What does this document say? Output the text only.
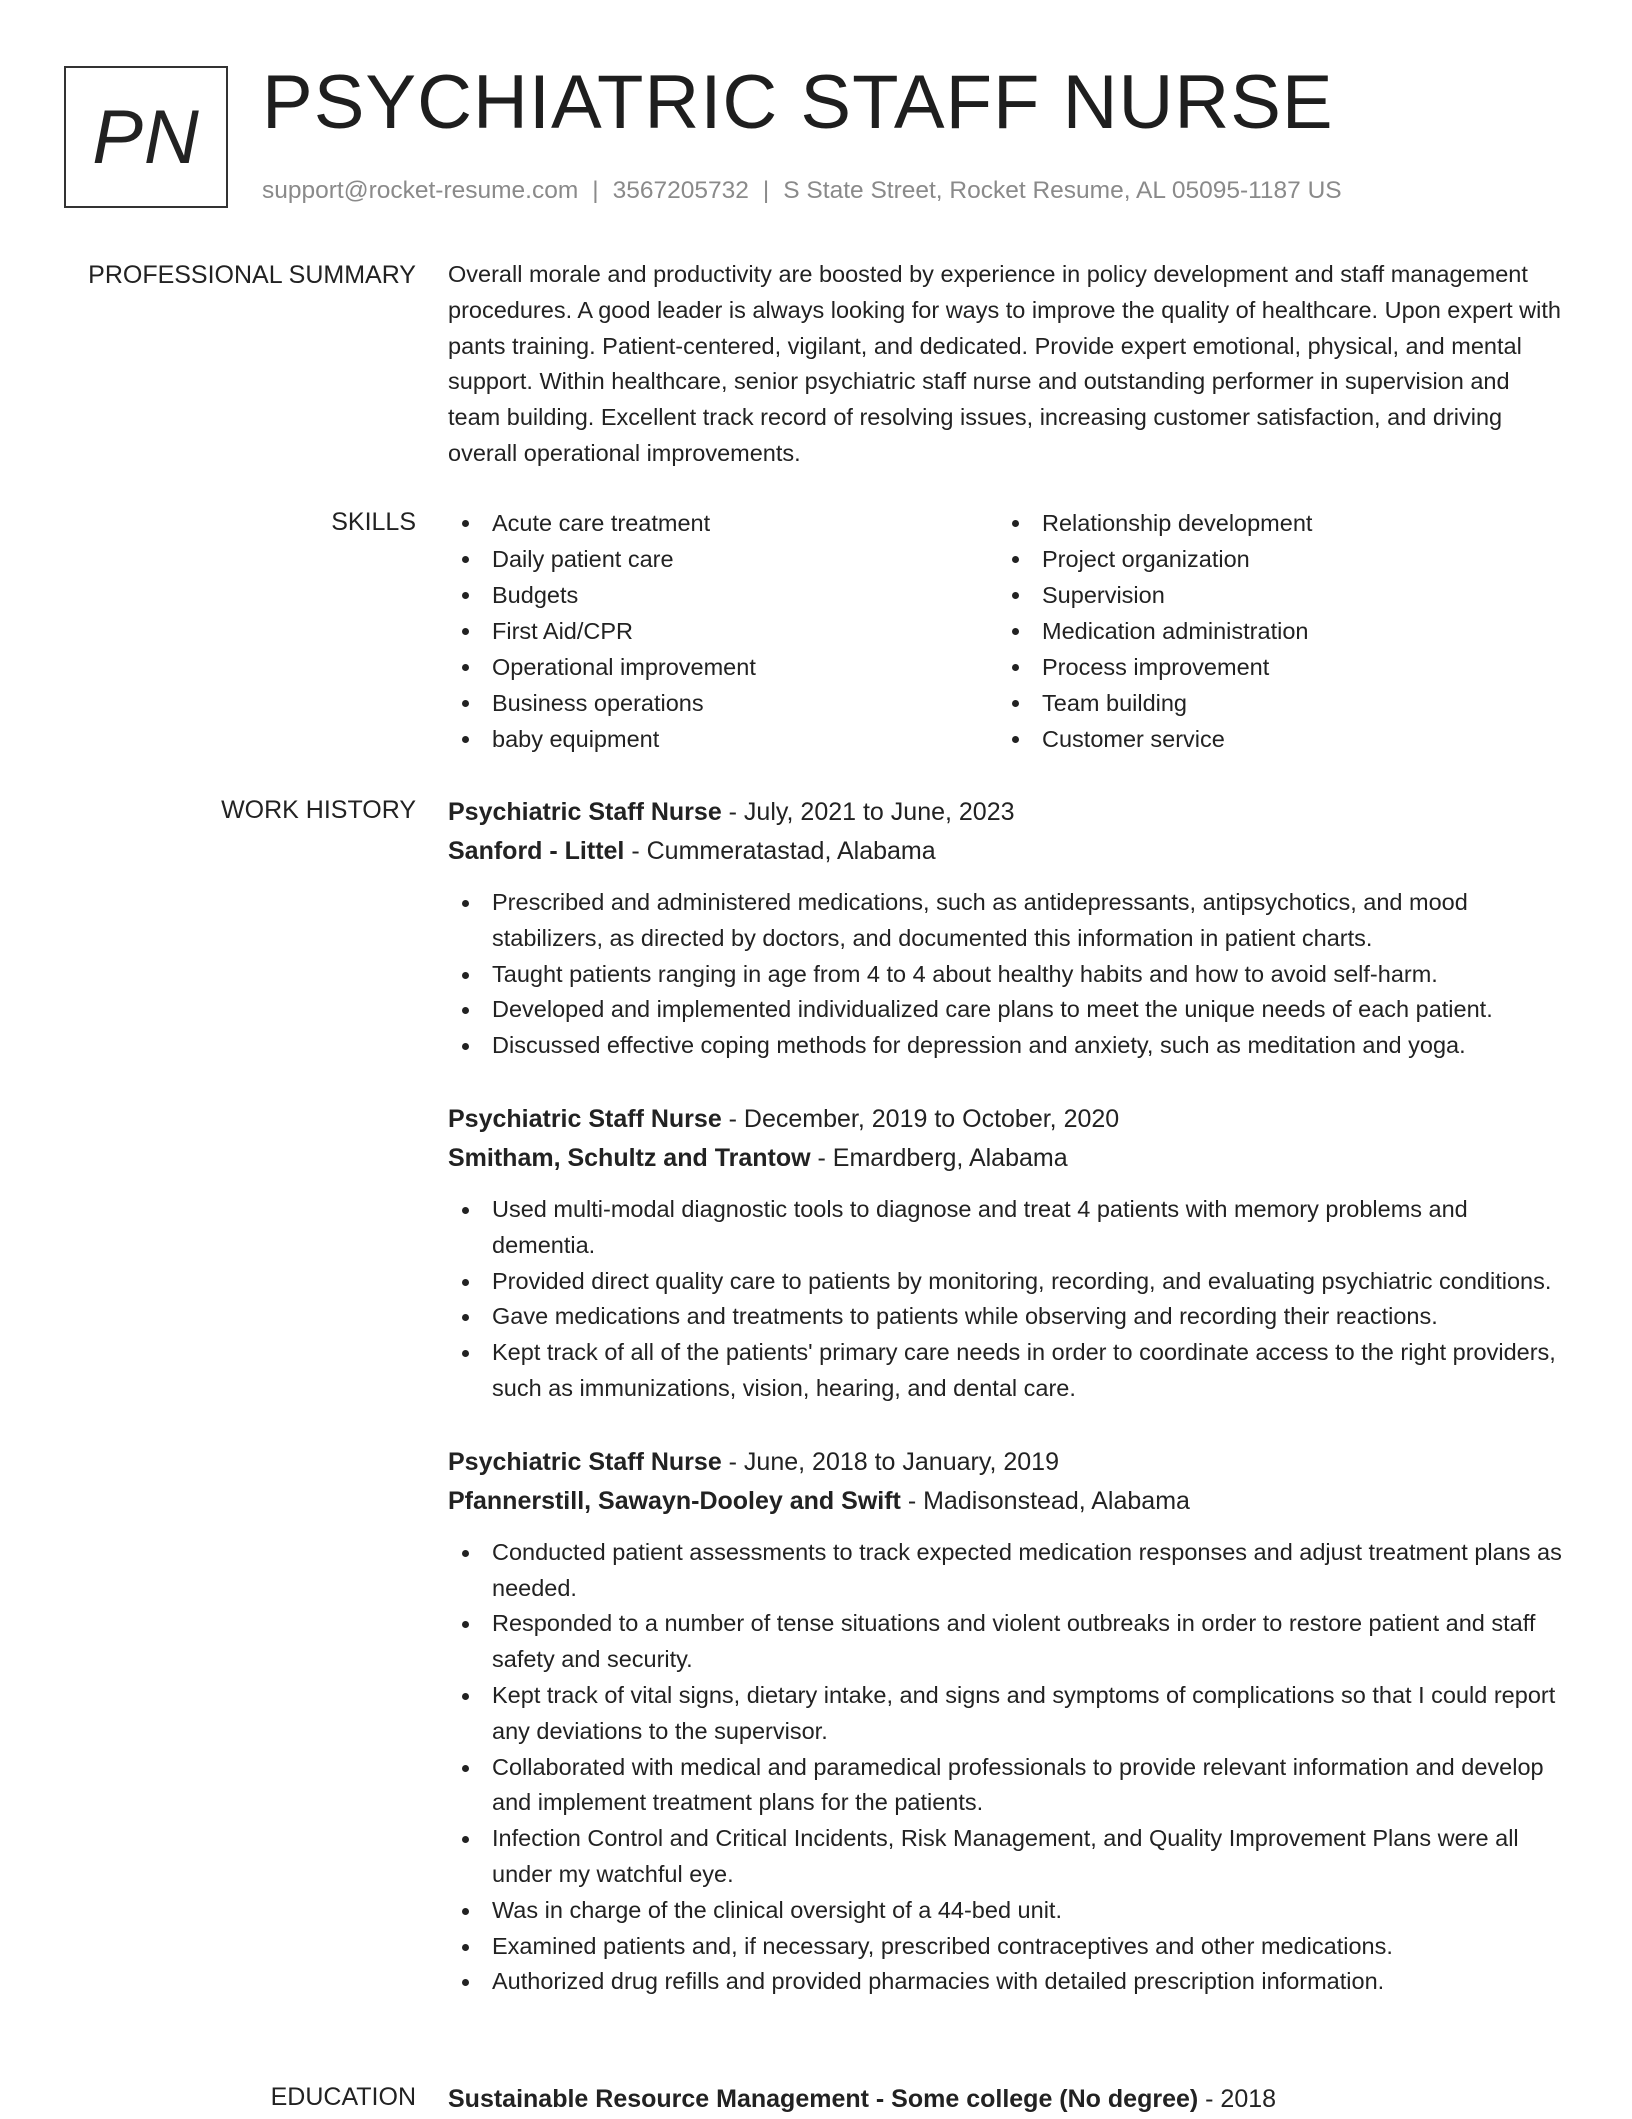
PN PSYCHIATRIC STAFF NURSE
support@rocket-resume.com | 3567205732 | S State Street, Rocket Resume, AL 05095-1187 US
PROFESSIONAL SUMMARY Overall morale and productivity are boosted by experience in policy development and staff management procedures. A good leader is always looking for ways to improve the quality of healthcare. Upon expert with pants training. Patient-centered, vigilant, and dedicated. Provide expert emotional, physical, and mental support. Within healthcare, senior psychiatric staff nurse and outstanding performer in supervision and team building. Excellent track record of resolving issues, increasing customer satisfaction, and driving overall operational improvements.

SKILLS	Acute care treatment
Daily patient care
Budgets
First Aid/CPR
Operational improvement
Business operations
baby equipment
Relationship development
Project organization
Supervision
Medication administration
Process improvement
Team building
Customer service
WORK HISTORY Psychiatric Staff Nurse - July, 2021 to June, 2023
Sanford - Littel - Cummeratastad, Alabama
Prescribed and administered medications, such as antidepressants, antipsychotics, and mood stabilizers, as directed by doctors, and documented this information in patient charts.
Taught patients ranging in age from 4 to 4 about healthy habits and how to avoid self-harm.
Developed and implemented individualized care plans to meet the unique needs of each patient.
Discussed effective coping methods for depression and anxiety, such as meditation and yoga.
Psychiatric Staff Nurse - December, 2019 to October, 2020
Smitham, Schultz and Trantow - Emardberg, Alabama
Used multi-modal diagnostic tools to diagnose and treat 4 patients with memory problems and dementia.
Provided direct quality care to patients by monitoring, recording, and evaluating psychiatric conditions.
Gave medications and treatments to patients while observing and recording their reactions.
Kept track of all of the patients' primary care needs in order to coordinate access to the right providers, such as immunizations, vision, hearing, and dental care.
Psychiatric Staff Nurse - June, 2018 to January, 2019
Pfannerstill, Sawayn-Dooley and Swift - Madisonstead, Alabama
Conducted patient assessments to track expected medication responses and adjust treatment plans as needed.
Responded to a number of tense situations and violent outbreaks in order to restore patient and staff safety and security.
Kept track of vital signs, dietary intake, and signs and symptoms of complications so that I could report any deviations to the supervisor.
Collaborated with medical and paramedical professionals to provide relevant information and develop and implement treatment plans for the patients.
Infection Control and Critical Incidents, Risk Management, and Quality Improvement Plans were all under my watchful eye.
Was in charge of the clinical oversight of a 44-bed unit.
Examined patients and, if necessary, prescribed contraceptives and other medications.
Authorized drug refills and provided pharmacies with detailed prescription information.
EDUCATION Sustainable Resource Management - Some college (No degree) - 2018
